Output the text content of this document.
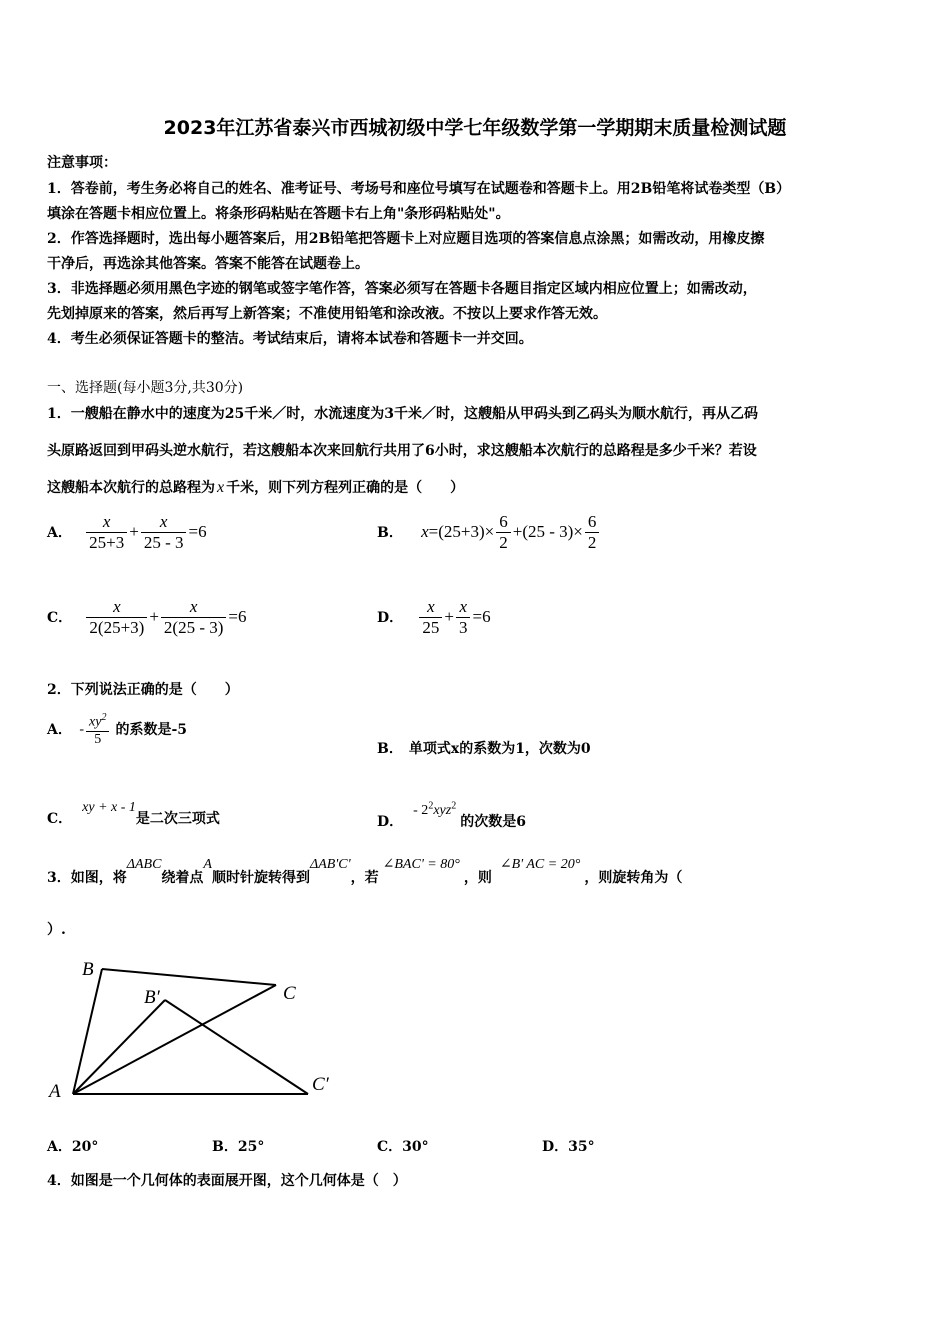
2023年江苏省泰兴市西城初级中学七年级数学第一学期期末质量检测试题
注意事项：
1．答卷前，考生务必将自己的姓名、准考证号、考场号和座位号填写在试题卷和答题卡上。用2B铅笔将试卷类型（B）
填涂在答题卡相应位置上。将条形码粘贴在答题卡右上角"条形码粘贴处"。
2．作答选择题时，选出每小题答案后，用2B铅笔把答题卡上对应题目选项的答案信息点涂黑；如需改动，用橡皮擦
干净后，再选涂其他答案。答案不能答在试题卷上。
3．非选择题必须用黑色字迹的钢笔或签字笔作答，答案必须写在答题卡各题目指定区域内相应位置上；如需改动，
先划掉原来的答案，然后再写上新答案；不准使用铅笔和涂改液。不按以上要求作答无效。
4．考生必须保证答题卡的整洁。考试结束后，请将本试卷和答题卡一并交回。
一、选择题(每小题3分,共30分)
1．一艘船在静水中的速度为25千米／时，水流速度为3千米／时，这艘船从甲码头到乙码头为顺水航行，再从乙码
头原路返回到甲码头逆水航行，若这艘船本次来回航行共用了6小时，求这艘船本次航行的总路程是多少千米？若设
这艘船本次航行的总路程为 x 千米，则下列方程列正确的是（　　）
A． $\frac{x}{25+3} + \frac{x}{25 - 3} =6$	B． $x=(25+3)\times \frac{6}{2} +(25 - 3)\times \frac{6}{2}$
C． $\frac{x}{2(25+3)} + \frac{x}{2(25 - 3)} =6$	D． $\frac{x}{25} + \frac{x}{3} =6$
2．下列说法正确的是（　　）
A． - $\frac{xy^2}{5}$ 的系数是-5
B． 单项式x的系数为1，次数为0
C．xy + x - 1是二次三项式	D．- $2^2xyz^2$的次数是6
3．如图，将ΔABC绕着点A顺时针旋转得到ΔAB'C'，若∠BAC' = 80°，则∠B' AC = 20°，则旋转角为（
）.
B
B′	C
A	C′
A．20°	B．25°	C．30°	D．35°
4．如图是一个几何体的表面展开图，这个几何体是（　）
